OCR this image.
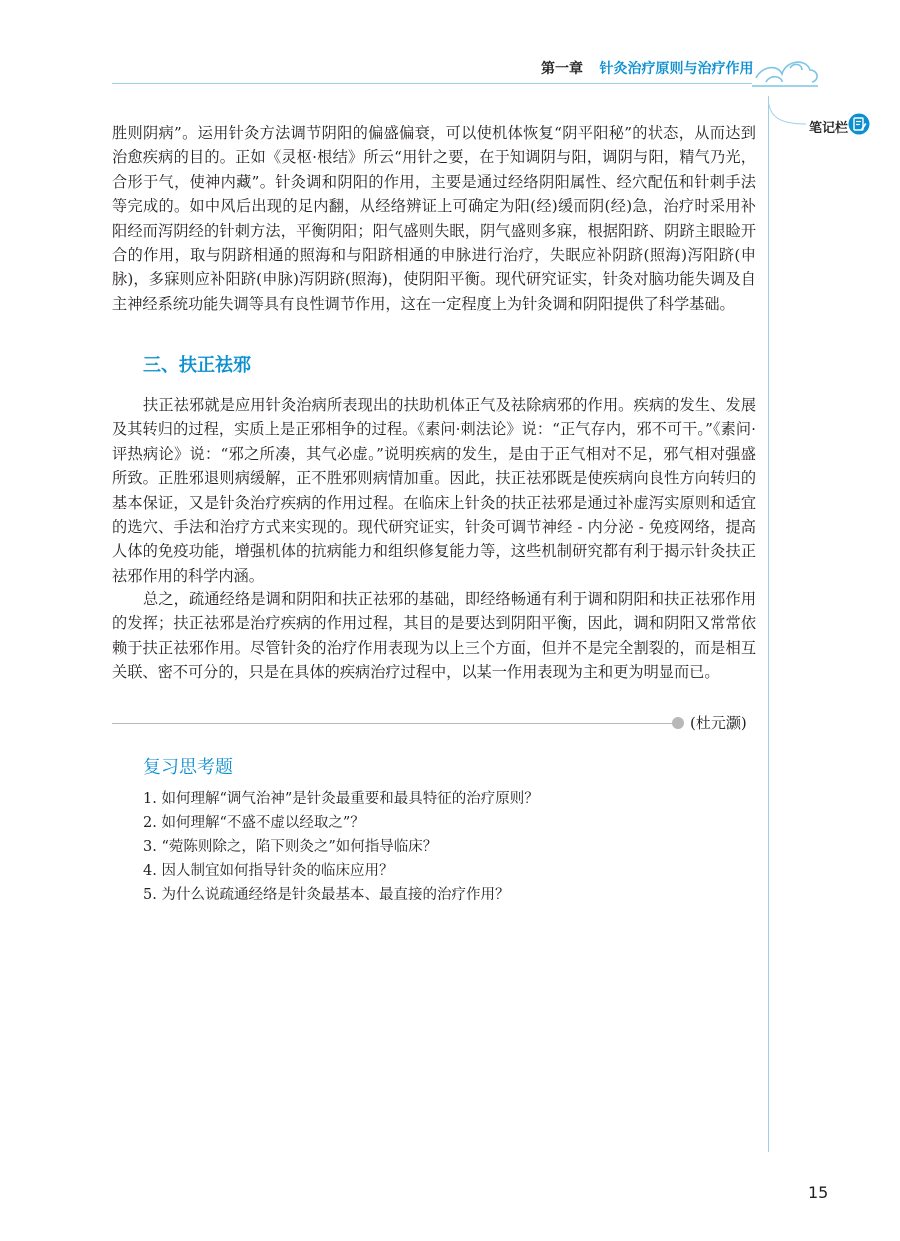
第一章 针灸治疗原则与治疗作用
笔记栏
胜则阴病”。运用针灸方法调节阴阳的偏盛偏衰，可以使机体恢复“阴平阳秘”的状态，从而达到治愈疾病的目的。正如《灵枢·根结》所云“用针之要，在于知调阴与阳，调阴与阳，精气乃光，合形于气，使神内藏”。针灸调和阴阳的作用，主要是通过经络阴阳属性、经穴配伍和针刺手法等完成的。如中风后出现的足内翻，从经络辨证上可确定为阳(经)缓而阴(经)急，治疗时采用补阳经而泻阴经的针刺方法，平衡阴阳；阳气盛则失眠，阴气盛则多寐，根据阳跻、阴跻主眼睑开合的作用，取与阴跻相通的照海和与阳跻相通的申脉进行治疗，失眠应补阴跻(照海)泻阳跻(申脉)，多寐则应补阳跻(申脉)泻阴跻(照海)，使阴阳平衡。现代研究证实，针灸对脑功能失调及自主神经系统功能失调等具有良性调节作用，这在一定程度上为针灸调和阴阳提供了科学基础。
三、扶正祛邪
扶正祛邪就是应用针灸治病所表现出的扶助机体正气及祛除病邪的作用。疾病的发生、发展及其转归的过程，实质上是正邪相争的过程。《素问·刺法论》说：“正气存内，邪不可干。”《素问·评热病论》说：“邪之所凑，其气必虚。”说明疾病的发生，是由于正气相对不足，邪气相对强盛所致。正胜邪退则病缓解，正不胜邪则病情加重。因此，扶正祛邪既是使疾病向良性方向转归的基本保证，又是针灸治疗疾病的作用过程。在临床上针灸的扶正祛邪是通过补虚泻实原则和适宜的选穴、手法和治疗方式来实现的。现代研究证实，针灸可调节神经 - 内分泌 - 免疫网络，提高人体的免疫功能，增强机体的抗病能力和组织修复能力等，这些机制研究都有利于揭示针灸扶正祛邪作用的科学内涵。
总之，疏通经络是调和阴阳和扶正祛邪的基础，即经络畅通有利于调和阴阳和扶正祛邪作用的发挥；扶正祛邪是治疗疾病的作用过程，其目的是要达到阴阳平衡，因此，调和阴阳又常常依赖于扶正祛邪作用。尽管针灸的治疗作用表现为以上三个方面，但并不是完全割裂的，而是相互关联、密不可分的，只是在具体的疾病治疗过程中，以某一作用表现为主和更为明显而已。
(杜元灏)
复习思考题
1. 如何理解“调气治神”是针灸最重要和最具特征的治疗原则？
2. 如何理解“不盛不虚以经取之”？
3. “菀陈则除之，陷下则灸之”如何指导临床？
4. 因人制宜如何指导针灸的临床应用？
5. 为什么说疏通经络是针灸最基本、最直接的治疗作用？
15
